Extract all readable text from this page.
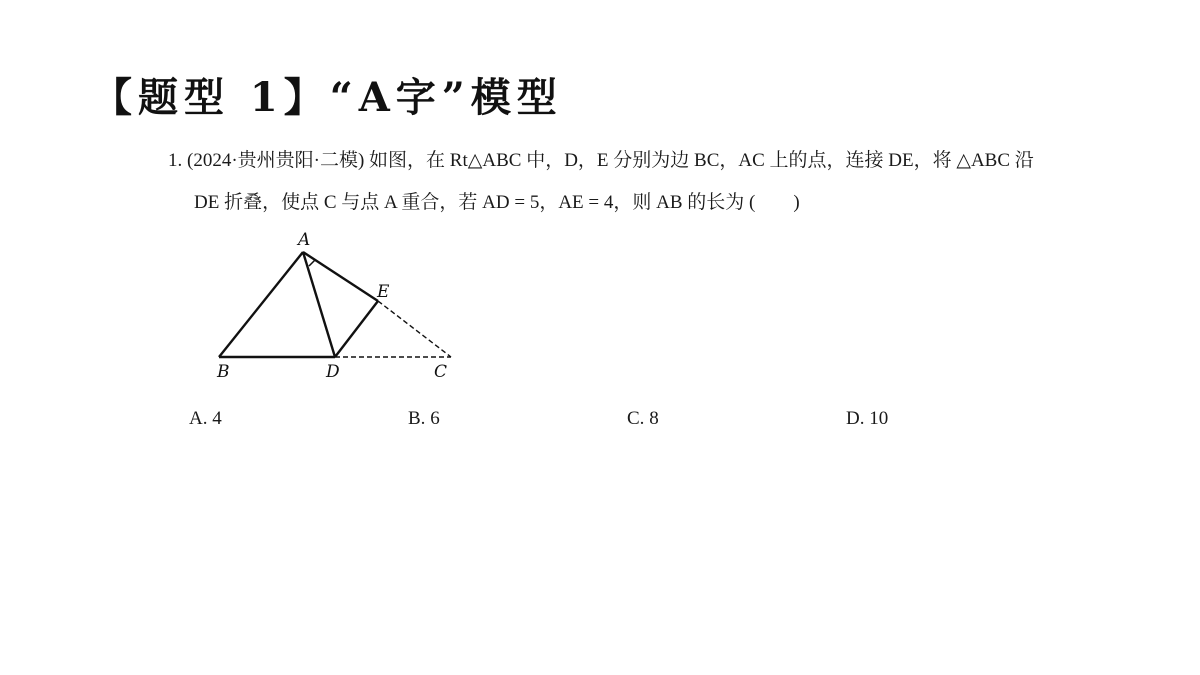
【题型 1】“A字”模型
1. (2024·贵州贵阳·二模) 如图，在 Rt△ABC 中，D，E 分别为边 BC，AC 上的点，连接 DE，将 △ABC 沿
DE 折叠，使点 C 与点 A 重合，若 AD = 5，AE = 4，则 AB 的长为 (　　)
A
B	D	C
E
A. 4	B. 6	C. 8	D. 10
